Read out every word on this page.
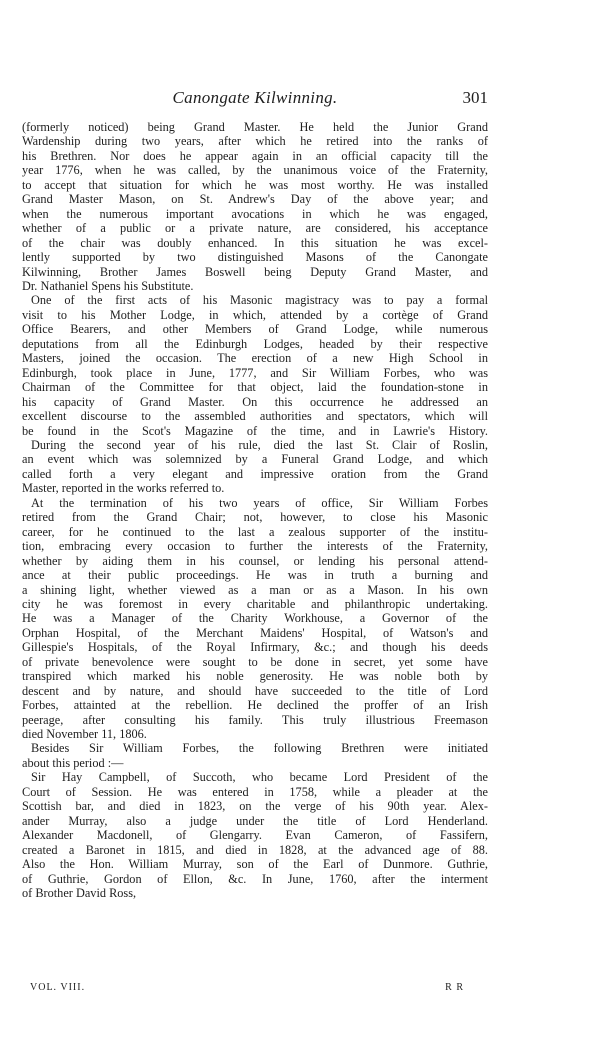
Canongate Kilwinning.	301
(formerly noticed) being Grand Master. He held the Junior Grand
Wardenship during two years, after which he retired into the ranks of
his Brethren. Nor does he appear again in an official capacity till the
year 1776, when he was called, by the unanimous voice of the Fraternity,
to accept that situation for which he was most worthy. He was installed
Grand Master Mason, on St. Andrew's Day of the above year; and
when the numerous important avocations in which he was engaged,
whether of a public or a private nature, are considered, his acceptance
of the chair was doubly enhanced. In this situation he was excel-
lently supported by two distinguished Masons of the Canongate
Kilwinning, Brother James Boswell being Deputy Grand Master, and
Dr. Nathaniel Spens his Substitute.
One of the first acts of his Masonic magistracy was to pay a formal
visit to his Mother Lodge, in which, attended by a cortège of Grand
Office Bearers, and other Members of Grand Lodge, while numerous
deputations from all the Edinburgh Lodges, headed by their respective
Masters, joined the occasion. The erection of a new High School in
Edinburgh, took place in June, 1777, and Sir William Forbes, who was
Chairman of the Committee for that object, laid the foundation-stone in
his capacity of Grand Master. On this occurrence he addressed an
excellent discourse to the assembled authorities and spectators, which will
be found in the Scot's Magazine of the time, and in Lawrie's History.
During the second year of his rule, died the last St. Clair of Roslin,
an event which was solemnized by a Funeral Grand Lodge, and which
called forth a very elegant and impressive oration from the Grand
Master, reported in the works referred to.
At the termination of his two years of office, Sir William Forbes
retired from the Grand Chair; not, however, to close his Masonic
career, for he continued to the last a zealous supporter of the institu-
tion, embracing every occasion to further the interests of the Fraternity,
whether by aiding them in his counsel, or lending his personal attend-
ance at their public proceedings. He was in truth a burning and
a shining light, whether viewed as a man or as a Mason. In his own
city he was foremost in every charitable and philanthropic undertaking.
He was a Manager of the Charity Workhouse, a Governor of the
Orphan Hospital, of the Merchant Maidens' Hospital, of Watson's and
Gillespie's Hospitals, of the Royal Infirmary, &c.; and though his deeds
of private benevolence were sought to be done in secret, yet some have
transpired which marked his noble generosity. He was noble both by
descent and by nature, and should have succeeded to the title of Lord
Forbes, attainted at the rebellion. He declined the proffer of an Irish
peerage, after consulting his family. This truly illustrious Freemason
died November 11, 1806.
Besides Sir William Forbes, the following Brethren were initiated
about this period :—
Sir Hay Campbell, of Succoth, who became Lord President of the
Court of Session. He was entered in 1758, while a pleader at the
Scottish bar, and died in 1823, on the verge of his 90th year. Alex-
ander Murray, also a judge under the title of Lord Henderland.
Alexander Macdonell, of Glengarry. Evan Cameron, of Fassifern,
created a Baronet in 1815, and died in 1828, at the advanced age of 88.
Also the Hon. William Murray, son of the Earl of Dunmore. Guthrie,
of Guthrie, Gordon of Ellon, &c. In June, 1760, after the interment
of Brother David Ross,
VOL. VIII.	R R
